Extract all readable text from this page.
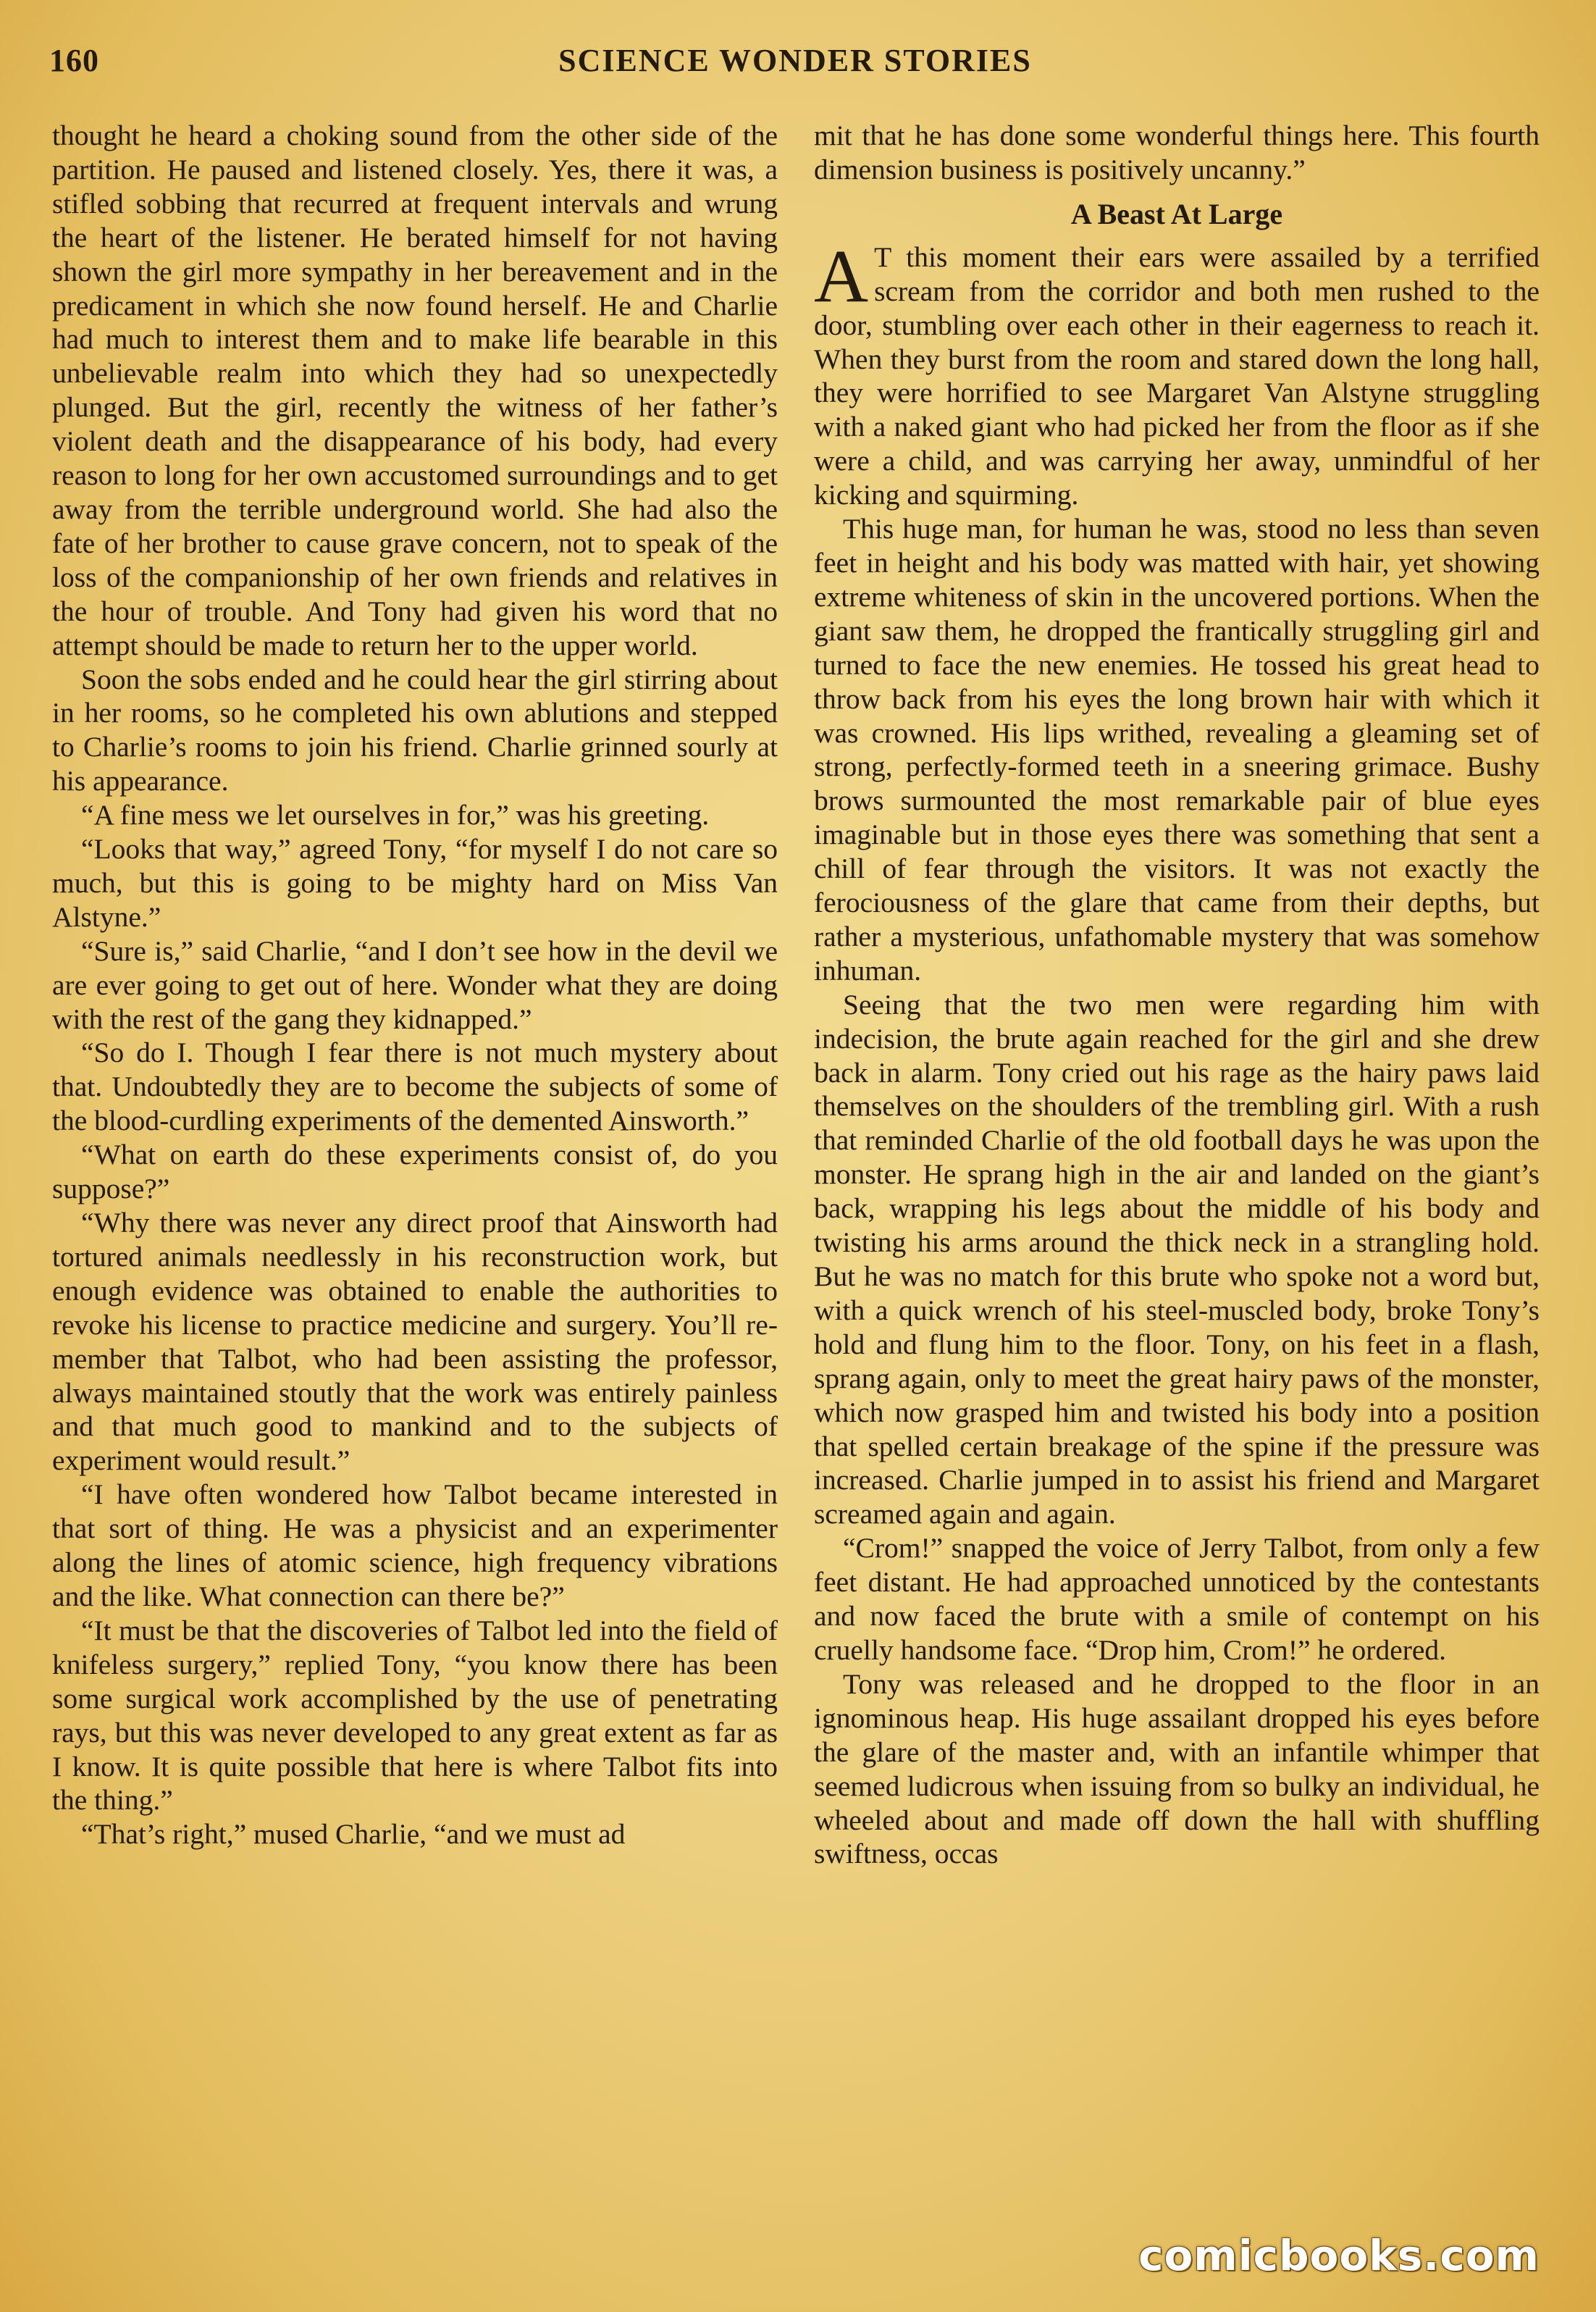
160	SCIENCE WONDER STORIES

thought he heard a choking sound from the other side of the partition. He paused and listened closely. Yes, there it was, a stifled sobbing that recurred at frequent intervals and wrung the heart of the listener. He berated himself for not having shown the girl more sympathy in her bereavement and in the predicament in which she now found herself. He and Charlie had much to interest them and to make life bearable in this unbelievable realm into which they had so unexpectedly plunged. But the girl, recently the witness of her father’s violent death and the disappearance of his body, had every reason to long for her own accustomed surroundings and to get away from the terrible underground world. She had also the fate of her brother to cause grave concern, not to speak of the loss of the companionship of her own friends and relatives in the hour of trouble. And Tony had given his word that no attempt should be made to return her to the upper world.

Soon the sobs ended and he could hear the girl stirring about in her rooms, so he completed his own ablutions and stepped to Charlie’s rooms to join his friend. Charlie grinned sourly at his appearance.

“A fine mess we let ourselves in for,” was his greeting.

“Looks that way,” agreed Tony, “for myself I do not care so much, but this is going to be mighty hard on Miss Van Alstyne.”

“Sure is,” said Charlie, “and I don’t see how in the devil we are ever going to get out of here. Wonder what they are doing with the rest of the gang they kidnapped.”

“So do I. Though I fear there is not much mystery about that. Undoubtedly they are to become the subjects of some of the blood-curdling experiments of the demented Ainsworth.”

“What on earth do these experiments consist of, do you suppose?”

“Why there was never any direct proof that Ainsworth had tortured animals needlessly in his reconstruction work, but enough evidence was obtained to enable the authorities to revoke his license to practice medicine and surgery. You’ll remember that Talbot, who had been assisting the professor, always maintained stoutly that the work was entirely painless and that much good to mankind and to the subjects of experiment would result.”

“I have often wondered how Talbot became interested in that sort of thing. He was a physicist and an experimenter along the lines of atomic science, high frequency vibrations and the like. What connection can there be?”

“It must be that the discoveries of Talbot led into the field of knifeless surgery,” replied Tony, “you know there has been some surgical work accomplished by the use of penetrating rays, but this was never developed to any great extent as far as I know. It is quite possible that here is where Talbot fits into the thing.”

“That’s right,” mused Charlie, “and we must ad

mit that he has done some wonderful things here. This fourth dimension business is positively uncanny.”

A Beast At Large

A T this moment their ears were assailed by a terrified scream from the corridor and both men rushed to the door, stumbling over each other in their eagerness to reach it. When they burst from the room and stared down the long hall, they were horrified to see Margaret Van Alstyne struggling with a naked giant who had picked her from the floor as if she were a child, and was carrying her away, unmindful of her kicking and squirming.

This huge man, for human he was, stood no less than seven feet in height and his body was matted with hair, yet showing extreme whiteness of skin in the uncovered portions. When the giant saw them, he dropped the frantically struggling girl and turned to face the new enemies. He tossed his great head to throw back from his eyes the long brown hair with which it was crowned. His lips writhed, revealing a gleaming set of strong, perfectly-formed teeth in a sneering grimace. Bushy brows surmounted the most remarkable pair of blue eyes imaginable but in those eyes there was something that sent a chill of fear through the visitors. It was not exactly the ferociousness of the glare that came from their depths, but rather a mysterious, unfathomable mystery that was somehow inhuman.

Seeing that the two men were regarding him with indecision, the brute again reached for the girl and she drew back in alarm. Tony cried out his rage as the hairy paws laid themselves on the shoulders of the trembling girl. With a rush that reminded Charlie of the old football days he was upon the monster. He sprang high in the air and landed on the giant’s back, wrapping his legs about the middle of his body and twisting his arms around the thick neck in a strangling hold. But he was no match for this brute who spoke not a word but, with a quick wrench of his steel-muscled body, broke Tony’s hold and flung him to the floor. Tony, on his feet in a flash, sprang again, only to meet the great hairy paws of the monster, which now grasped him and twisted his body into a position that spelled certain breakage of the spine if the pressure was increased. Charlie jumped in to assist his friend and Margaret screamed again and again.

“Crom!” snapped the voice of Jerry Talbot, from only a few feet distant. He had approached unnoticed by the contestants and now faced the brute with a smile of contempt on his cruelly handsome face. “Drop him, Crom!” he ordered.

Tony was released and he dropped to the floor in an ignominous heap. His huge assailant dropped his eyes before the glare of the master and, with an infantile whimper that seemed ludicrous when issuing from so bulky an individual, he wheeled about and made off down the hall with shuffling swiftness, occas

comicbooks.com
